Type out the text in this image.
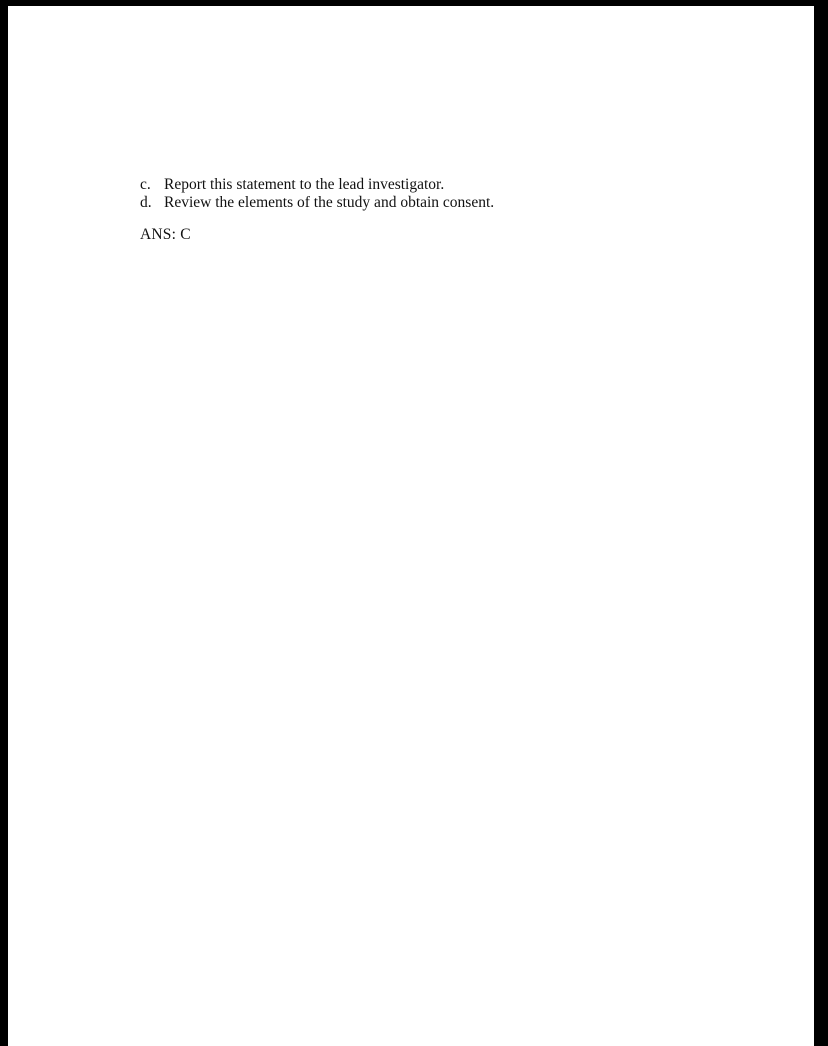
c. Report this statement to the lead investigator.
d. Review the elements of the study and obtain consent.
ANS: C
